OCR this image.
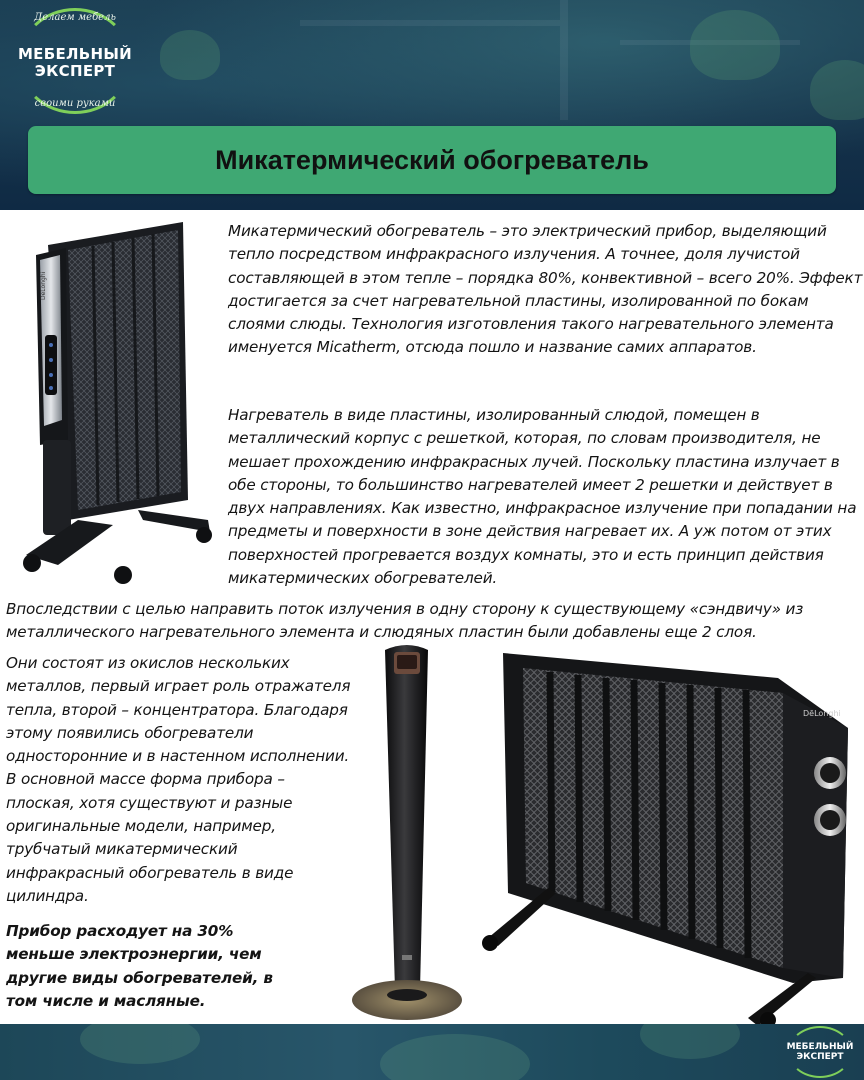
Делаем мебель
МЕБЕЛЬНЫЙ
ЭКСПЕРТ
своими руками
Микатермический обогреватель
DeLonghi

Микатермический обогреватель – это электрический прибор, выделяющий тепло посредством инфракрасного излучения. А точнее, доля лучистой составляющей в этом тепле – порядка 80%, конвективной – всего 20%. Эффект достигается за счет нагревательной пластины, изолированной по бокам слоями слюды. Технология изготовления такого нагревательного элемента именуется Micatherm, отсюда пошло и название самих аппаратов.

Нагреватель в виде пластины, изолированный слюдой, помещен в металлический корпус с решеткой, которая, по словам производителя, не мешает прохождению инфракрасных лучей. Поскольку пластина излучает в обе стороны, то большинство нагревателей имеет 2 решетки и действует в двух направлениях. Как известно, инфракрасное излучение при попадании на предметы и поверхности в зоне действия нагревает их. А уж потом от этих поверхностей прогревается воздух комнаты, это и есть принцип действия микатермических обогревателей.

Впоследствии с целью направить поток излучения в одну сторону к существующему «сэндвичу» из металлического нагревательного элемента и слюдяных пластин были добавлены еще 2 слоя.

Они состоят из окислов нескольких металлов, первый играет роль отражателя тепла, второй – концентратора. Благодаря этому появились обогреватели односторонние и в настенном исполнении. В основной массе форма прибора – плоская, хотя существуют и разные оригинальные модели, например, трубчатый микатермический инфракрасный обогреватель в виде цилиндра.

Прибор расходует на 30% меньше электроэнергии, чем другие виды обогревателей, в том числе и масляные.

DēLonghi
МЕБЕЛЬНЫЙ
ЭКСПЕРТ
